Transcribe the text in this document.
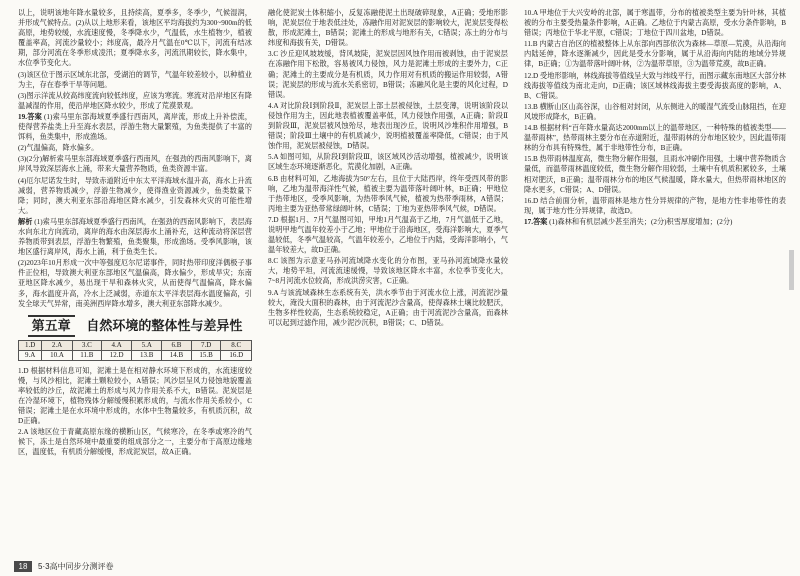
以上，说明该地年降水量较多，且持续高，夏季多，冬季少，气候湿润，并形成气候特点。(2)从以上地形来看，该地区平均海拔约为300~900m的低高原，地势较缓，水流速度慢，冬季降水少，气温低，水生植物少，植被覆盖率高，河流沙量较小；纬度高，最冷月气温在0℃以下，河流有结冰期，部分河流在冬季形成凌汛；夏季降水多，河流汛期较长，降水集中，水位季节变化大。

(3)该区位于图示区域东北部，受湖泊的调节，气温年较差较小，以种植业为主，存在春季干旱等问题。

(3)图示洋流从较高纬度流向较低纬度，应该为寒流。寒流对沿岸地区有降温减湿的作用，使沿岸地区降水较少，形成了荒漠景观。

19.答案 (1)索马里东部海域夏季盛行西南风，离岸流，形成上升补偿流，使得营养盐类上升至海水表层，浮游生物大量繁殖，为鱼类提供了丰富的饵料，鱼类集中，形成渔场。

(2)气温偏高，降水偏多。

(3)(2分)解析索马里东部海域夏季盛行西南风，在强劲的西南风影响下，离岸风导致深层海水上涌，带来大量营养物质，鱼类资源丰富。

(4)厄尔尼诺发生时，导致赤道附近中东太平洋海域水温升高，海水上升流减弱，营养物质减少，浮游生物减少，使得渔业资源减少，鱼类数量下降；同时，澳大利亚东部沿海地区降水减少，引发森林火灾的可能性增大。

解析 (1)索马里东部海域夏季盛行西南风，在强劲的西南风影响下，表层海水向东北方向流动，离岸的海水由深层海水上涌补充，这种流动将深层营养物质带到表层，浮游生物繁殖，鱼类聚集，形成渔场。受季风影响，该地区盛行离岸风，海水上涌，利于鱼类生长。

(2)2023年10月形成一次中等强度厄尔尼诺事件，同时热带印度洋偶极子事件正位相，导致澳大利亚东部地区气温偏高，降水偏少，形成旱灾；东南亚地区降水减少，易出现干旱和森林火灾，从而使得气温偏高，降水偏多，海水温度升高，冷水上泛减弱，赤道东太平洋表层海水温度偏高，引发全球天气异常，南美洲西岸降水增多，澳大利亚东部降水减少。

第五章 自然环境的整体性与差异性
1.D	2.A	3.C	4.A	5.A	6.B	7.D	8.C
9.A	10.A	11.B	12.D	13.B	14.B	15.B	16.D

1.D 根据材料信息可知，泥滩土是在相对静水环境下形成的，水流速度较慢，与风沙相比，泥滩土颗粒较小，A错误；风沙层呈风力侵蚀地貌覆盖率较低的沙丘，故泥滩土的形成与风力作用关系不大，B错误。泥炭层是在冷湿环境下，植物残体分解缓慢积累形成的，与流水作用关系较小，C错误；泥滩土是在水环境中形成的，水体中生物量较多，有机质沉积，故D正确。

2.A 该地区位于青藏高原东缘的横断山区，气候寒冷，在冬季或寒冷的气候下，冻土是自然环境中最重要的组成部分之一，主要分布于高原边缘地区，温度低，有机质分解缓慢，形成泥炭层，故A正确。

融化使泥炭土体积缩小，反复冻融使泥土出现破碎现象，A正确；受地形影响，泥炭层位于地表低洼处，冻融作用对泥炭层的影响较大，泥炭层变得松散，形成泥滩土，B错误；泥滩土的形成与地形有关，C错误；冻土的分布与纬度和海拔有关，D错误。

3.C 沙丘迎风坡坡缓，背风坡陡，泥炭层因风蚀作用而被剥蚀，由于泥炭层在冻融作用下松散，容易被风力侵蚀，风力是泥滩土形成的主要外力，C正确；泥滩土的主要成分是有机质，风力作用对有机质的搬运作用较弱，A错误；泥炭层的形成与流水关系密切，B错误；冻融风化是主要的风化过程，D错误。

4.A 对比阶段Ⅰ到阶段Ⅱ，泥炭层上部土层被侵蚀，土层变薄，说明该阶段以侵蚀作用为主，因此地表植被覆盖率低，风力侵蚀作用强，A正确；阶段Ⅱ到阶段Ⅲ，泥炭层被风蚀殆尽，地表出现沙丘，说明风沙堆积作用增强，B错误；阶段Ⅲ土壤中的有机质减少，说明植被覆盖率降低，C错误；由于风蚀作用，泥炭层被侵蚀，D错误。

5.A 如图可知，从阶段Ⅰ到阶段Ⅲ，该区域风沙活动增强，植被减少，说明该区域生态环境逐渐恶化，荒漠化加剧，A正确。

6.B 由材料可知，乙地海拔为50°左右，且位于大陆西岸，终年受西风带的影响，乙地为温带海洋性气候，植被主要为温带落叶阔叶林，B正确；甲地位于热带地区，受季风影响，为热带季风气候，植被为热带季雨林，A错误；丙地主要为亚热带常绿阔叶林，C错误；丁地为亚热带季风气候，D错误。

7.D 根据1月、7月气温图可知，甲地1月气温高于乙地，7月气温低于乙地，说明甲地气温年较差小于乙地；甲地位于沿海地区，受海洋影响大，夏季气温较低，冬季气温较高，气温年较差小，乙地位于内陆，受海洋影响小，气温年较差大，故D正确。

8.C 该图为示意亚马孙河流域降水变化的分布图，亚马孙河流域降水量较大，地势平坦，河流流速缓慢，导致该地区降水丰富，水位季节变化大，7~8月河流水位较高，形成洪涝灾害，C正确。

9.A 与该流域森林生态系统有关，洪水季节由于河流水位上涨，河流泥沙量较大，淹没大面积的森林，由于河流泥沙含量高，使得森林土壤比较肥沃，生物多样性较高，生态系统较稳定，A正确；由于河流泥沙含量高，而森林可以起到过滤作用，减少泥沙沉积，B错误；C、D错误。

10.A 甲地位于大兴安岭的北部，属于寒温带，分布的植被类型主要为针叶林，其植被的分布主要受热量条件影响，A正确。乙地位于内蒙古高原，受水分条件影响，B错误；丙地位于华北平原，C错误；丁地位于四川盆地，D错误。

11.B 内蒙古自治区的植被整体上从东部向西部依次为森林—草原—荒漠，从沿海向内陆延伸，降水逐渐减少，因此是受水分影响，属于从沿海向内陆的地域分异规律，B正确；①为温带落叶阔叶林，②为温带草原，③为温带荒漠，故B正确。

12.D 受地形影响，林线海拔等值线呈大致与纬线平行，而图示藏东南地区大部分林线海拔等值线为南北走向，D正确；该区域林线海拔主要受海拔高度的影响，A、B、C错误。

13.B 横断山区山高谷深，山谷相对封闭，从东侧进入的暖湿气流受山脉阻挡，在迎风坡形成降水，B正确。

14.B 根据材料“百年降水量高达2000mm以上的温带地区，一种特殊的植被类型——温带雨林”，热带雨林主要分布在赤道附近，温带雨林的分布地区较少，因此温带雨林的分布具有特殊性，属于非地带性分布，B正确。

15.B 热带雨林温度高，微生物分解作用强，且雨水冲刷作用强，土壤中营养物质含量低，而温带雨林温度较低，微生物分解作用较弱，土壤中有机质积累较多，土壤相对肥沃，B正确；温带雨林分布的地区气候温暖，降水量大，但热带雨林地区的降水更多，C错误；A、D错误。

16.D 结合前面分析，温带雨林是地方性分异规律的产物，是地方性非地带性的表现，属于地方性分异规律，故选D。

17.答案 (1)森林和有机层减少甚至消失；(2分)积雪厚度增加；(2分)

18	5·3高中同步分测评卷
